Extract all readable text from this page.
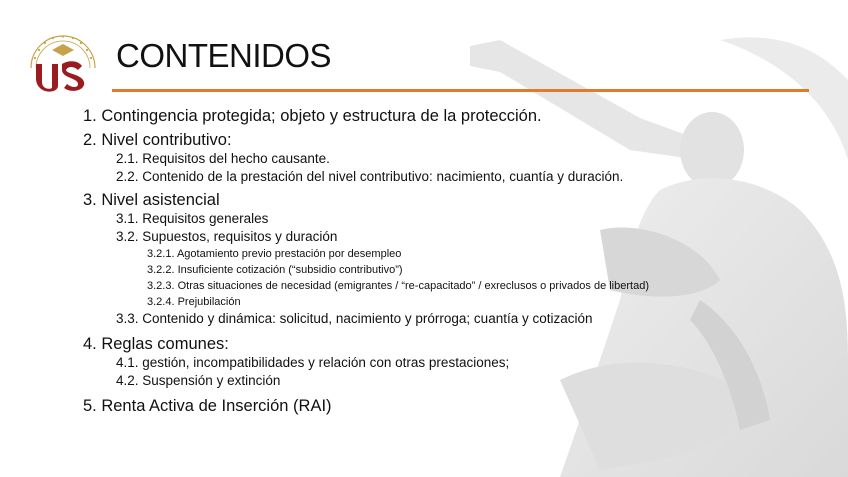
CONTENIDOS

1. Contingencia protegida; objeto y estructura de la protección.

2. Nivel contributivo:

2.1. Requisitos del hecho causante.

2.2. Contenido de la prestación del nivel contributivo: nacimiento, cuantía y duración.

3. Nivel asistencial

3.1. Requisitos generales

3.2. Supuestos, requisitos y duración

3.2.1. Agotamiento previo prestación por desempleo

3.2.2. Insuficiente cotización (“subsidio contributivo”)

3.2.3. Otras situaciones de necesidad (emigrantes / “re-capacitado” / exreclusos o privados de libertad)

3.2.4. Prejubilación

3.3. Contenido y dinámica: solicitud, nacimiento y prórroga; cuantía y cotización

4. Reglas comunes:

4.1. gestión, incompatibilidades y relación con otras prestaciones;

4.2. Suspensión y extinción

5. Renta Activa de Inserción (RAI)
